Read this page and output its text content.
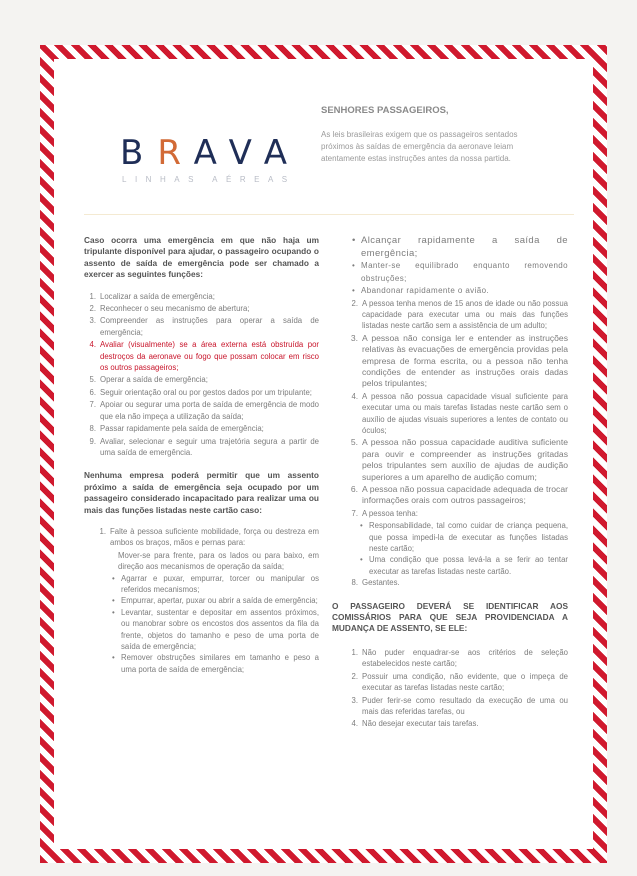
BRAVA
LINHAS AÉREAS
SENHORES PASSAGEIROS,
As leis brasileiras exigem que os passageiros sentados próximos às saídas de emergência da aeronave leiam atentamente estas instruções antes da nossa partida.

Caso ocorra uma emergência em que não haja um tripulante disponível para ajudar, o passageiro ocupando o assento de saída de emergência pode ser chamado a exercer as seguintes funções:

1. Localizar a saída de emergência;
2. Reconhecer o seu mecanismo de abertura;
3. Compreender as instruções para operar a saída de emergência;
4. Avaliar (visualmente) se a área externa está obstruída por destroços da aeronave ou fogo que possam colocar em risco os outros passageiros;
5. Operar a saída de emergência;
6. Seguir orientação oral ou por gestos dados por um tripulante;
7. Apoiar ou segurar uma porta de saída de emergência de modo que ela não impeça a utilização da saída;
8. Passar rapidamente pela saída de emergência;
9. Avaliar, selecionar e seguir uma trajetória segura a partir de uma saída de emergência.

Nenhuma empresa poderá permitir que um assento próximo a saída de emergência seja ocupado por um passageiro considerado incapacitado para realizar uma ou mais das funções listadas neste cartão caso:

1. Falte à pessoa suficiente mobilidade, força ou destreza em ambos os braços, mãos e pernas para:
Mover-se para frente, para os lados ou para baixo, em direção aos mecanismos de operação da saída;
• Agarrar e puxar, empurrar, torcer ou manipular os referidos mecanismos;
• Empurrar, apertar, puxar ou abrir a saída de emergência;
• Levantar, sustentar e depositar em assentos próximos, ou manobrar sobre os encostos dos assentos da fila da frente, objetos do tamanho e peso de uma porta de saída de emergência;
• Remover obstruções similares em tamanho e peso a uma porta de saída de emergência;
• Alcançar rapidamente a saída de emergência;
• Manter-se equilibrado enquanto removendo obstruções;
• Abandonar rapidamente o avião.
2. A pessoa tenha menos de 15 anos de idade ou não possua capacidade para executar uma ou mais das funções listadas neste cartão sem a assistência de um adulto;
3. A pessoa não consiga ler e entender as instruções relativas às evacuações de emergência providas pela empresa de forma escrita, ou a pessoa não tenha condições de entender as instruções orais dadas pelos tripulantes;
4. A pessoa não possua capacidade visual suficiente para executar uma ou mais tarefas listadas neste cartão sem o auxílio de ajudas visuais superiores a lentes de contato ou óculos;
5. A pessoa não possua capacidade auditiva suficiente para ouvir e compreender as instruções gritadas pelos tripulantes sem auxílio de ajudas de audição superiores a um aparelho de audição comum;
6. A pessoa não possua capacidade adequada de trocar informações orais com outros passageiros;
7. A pessoa tenha:
• Responsabilidade, tal como cuidar de criança pequena, que possa impedi-la de executar as funções listadas neste cartão;
• Uma condição que possa levá-la a se ferir ao tentar executar as tarefas listadas neste cartão.
8. Gestantes.

O PASSAGEIRO DEVERÁ SE IDENTIFICAR AOS COMISSÁRIOS PARA QUE SEJA PROVIDENCIADA A MUDANÇA DE ASSENTO, SE ELE:

1. Não puder enquadrar-se aos critérios de seleção estabelecidos neste cartão;
2. Possuir uma condição, não evidente, que o impeça de executar as tarefas listadas neste cartão;
3. Puder ferir-se como resultado da execução de uma ou mais das referidas tarefas, ou
4. Não desejar executar tais tarefas.
